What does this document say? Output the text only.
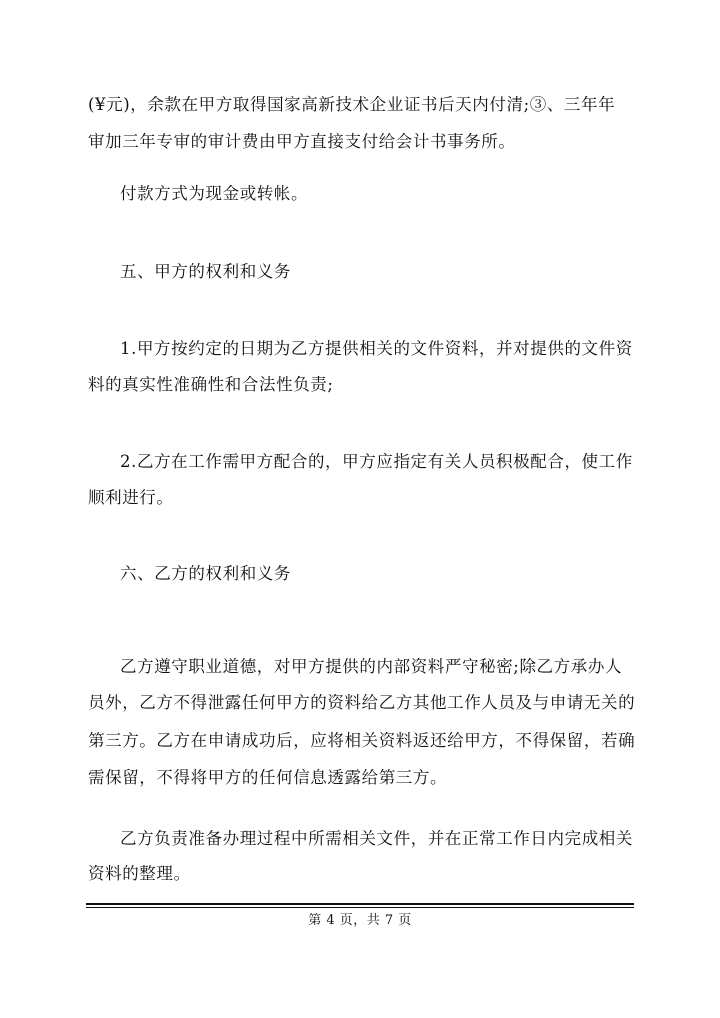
(¥元)，余款在甲方取得国家高新技术企业证书后天内付清;③、三年年

审加三年专审的审计费由甲方直接支付给会计书事务所。

付款方式为现金或转帐。

五、甲方的权利和义务

1.甲方按约定的日期为乙方提供相关的文件资料，并对提供的文件资

料的真实性准确性和合法性负责;

2.乙方在工作需甲方配合的，甲方应指定有关人员积极配合，使工作

顺利进行。

六、乙方的权利和义务

乙方遵守职业道德，对甲方提供的内部资料严守秘密;除乙方承办人

员外，乙方不得泄露任何甲方的资料给乙方其他工作人员及与申请无关的

第三方。乙方在申请成功后，应将相关资料返还给甲方，不得保留，若确

需保留，不得将甲方的任何信息透露给第三方。

乙方负责准备办理过程中所需相关文件，并在正常工作日内完成相关

资料的整理。

第 4 页，共 7 页
